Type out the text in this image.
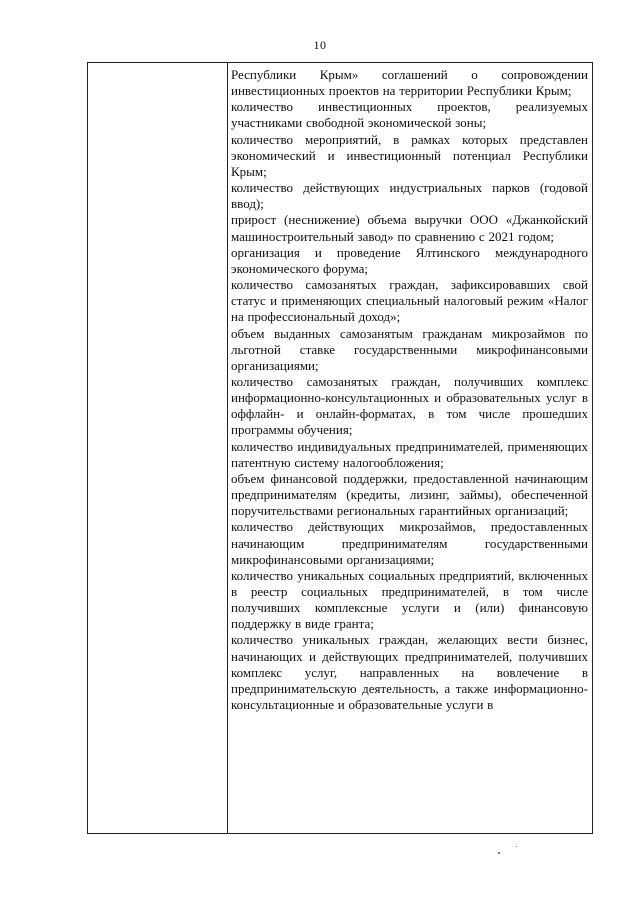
10

Республики Крым» соглашений о сопровождении инвестиционных проектов на территории Республики Крым;

количество инвестиционных проектов, реализуемых участниками свободной экономической зоны;

количество мероприятий, в рамках которых представлен экономический и инвестиционный потенциал Республики Крым;

количество действующих индустриальных парков (годовой ввод);

прирост (неснижение) объема выручки ООО «Джанкойский машиностроительный завод» по сравнению с 2021 годом;

организация и проведение Ялтинского международного экономического форума;

количество самозанятых граждан, зафиксировавших свой статус и применяющих специальный налоговый режим «Налог на профессиональный доход»;

объем выданных самозанятым гражданам микрозаймов по льготной ставке государственными микрофинансовыми организациями;

количество самозанятых граждан, получивших комплекс информационно-консультационных и образовательных услуг в оффлайн- и онлайн-форматах, в том числе прошедших программы обучения;

количество индивидуальных предпринимателей, применяющих патентную систему налогообложения;

объем финансовой поддержки, предоставленной начинающим предпринимателям (кредиты, лизинг, займы), обеспеченной поручительствами региональных гарантийных организаций;

количество действующих микрозаймов, предоставленных начинающим предпринимателям государственными микрофинансовыми организациями;

количество уникальных социальных предприятий, включенных в реестр социальных предпринимателей, в том числе получивших комплексные услуги и (или) финансовую поддержку в виде гранта;

количество уникальных граждан, желающих вести бизнес, начинающих и действующих предпринимателей, получивших комплекс услуг, направленных на вовлечение в предпринимательскую деятельность, а также информационно-консультационные и образовательные услуги в
